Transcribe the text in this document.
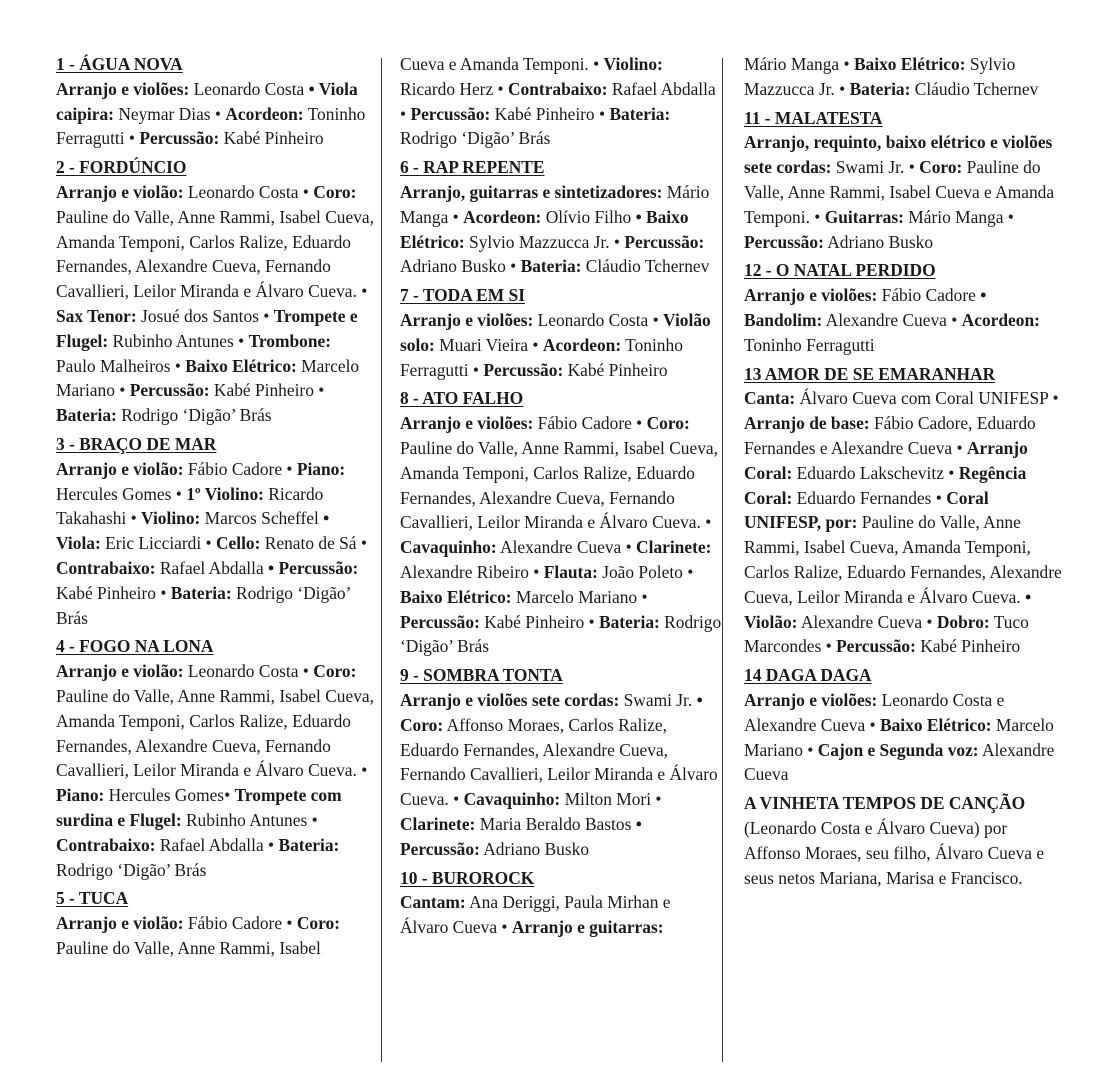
1 - ÁGUA NOVA

Arranjo e violões: Leonardo Costa • Viola caipira: Neymar Dias • Acordeon: Toninho Ferragutti • Percussão: Kabé Pinheiro

2 - FORDÚNCIO

Arranjo e violão: Leonardo Costa • Coro: Pauline do Valle, Anne Rammi, Isabel Cueva, Amanda Temponi, Carlos Ralize, Eduardo Fernandes, Alexandre Cueva, Fernando Cavallieri, Leilor Miranda e Álvaro Cueva. • Sax Tenor: Josué dos Santos • Trompete e Flugel: Rubinho Antunes • Trombone: Paulo Malheiros • Baixo Elétrico: Marcelo Mariano • Percussão: Kabé Pinheiro • Bateria: Rodrigo ‘Digão’ Brás

3 - BRAÇO DE MAR

Arranjo e violão: Fábio Cadore • Piano: Hercules Gomes • 1º Violino: Ricardo Takahashi • Violino: Marcos Scheffel • Viola: Eric Licciardi • Cello: Renato de Sá • Contrabaixo: Rafael Abdalla • Percussão: Kabé Pinheiro • Bateria: Rodrigo ‘Digão’ Brás

4 - FOGO NA LONA

Arranjo e violão: Leonardo Costa • Coro: Pauline do Valle, Anne Rammi, Isabel Cueva, Amanda Temponi, Carlos Ralize, Eduardo Fernandes, Alexandre Cueva, Fernando Cavallieri, Leilor Miranda e Álvaro Cueva. • Piano: Hercules Gomes• Trompete com surdina e Flugel: Rubinho Antunes • Contrabaixo: Rafael Abdalla • Bateria: Rodrigo ‘Digão’ Brás

5 - TUCA

Arranjo e violão: Fábio Cadore • Coro: Pauline do Valle, Anne Rammi, Isabel

Cueva e Amanda Temponi. • Violino: Ricardo Herz • Contrabaixo: Rafael Abdalla • Percussão: Kabé Pinheiro • Bateria: Rodrigo ‘Digão’ Brás

6 - RAP REPENTE

Arranjo, guitarras e sintetizadores: Mário Manga • Acordeon: Olívio Filho • Baixo Elétrico: Sylvio Mazzucca Jr. • Percussão: Adriano Busko • Bateria: Cláudio Tchernev

7 - TODA EM SI

Arranjo e violões: Leonardo Costa • Violão solo: Muari Vieira • Acordeon: Toninho Ferragutti • Percussão: Kabé Pinheiro

8 - ATO FALHO

Arranjo e violões: Fábio Cadore • Coro: Pauline do Valle, Anne Rammi, Isabel Cueva, Amanda Temponi, Carlos Ralize, Eduardo Fernandes, Alexandre Cueva, Fernando Cavallieri, Leilor Miranda e Álvaro Cueva. • Cavaquinho: Alexandre Cueva • Clarinete: Alexandre Ribeiro • Flauta: João Poleto • Baixo Elétrico: Marcelo Mariano • Percussão: Kabé Pinheiro • Bateria: Rodrigo ‘Digão’ Brás

9 - SOMBRA TONTA

Arranjo e violões sete cordas: Swami Jr. • Coro: Affonso Moraes, Carlos Ralize, Eduardo Fernandes, Alexandre Cueva, Fernando Cavallieri, Leilor Miranda e Álvaro Cueva. • Cavaquinho: Milton Mori • Clarinete: Maria Beraldo Bastos • Percussão: Adriano Busko

10 - BUROROCK

Cantam: Ana Deriggi, Paula Mirhan e Álvaro Cueva • Arranjo e guitarras:

Mário Manga • Baixo Elétrico: Sylvio Mazzucca Jr. • Bateria: Cláudio Tchernev

11 - MALATESTA

Arranjo, requinto, baixo elétrico e violões sete cordas: Swami Jr. • Coro: Pauline do Valle, Anne Rammi, Isabel Cueva e Amanda Temponi. • Guitarras: Mário Manga • Percussão: Adriano Busko

12 - O NATAL PERDIDO

Arranjo e violões: Fábio Cadore • Bandolim: Alexandre Cueva • Acordeon: Toninho Ferragutti

13 AMOR DE SE EMARANHAR

Canta: Álvaro Cueva com Coral UNIFESP • Arranjo de base: Fábio Cadore, Eduardo Fernandes e Alexandre Cueva • Arranjo Coral: Eduardo Lakschevitz • Regência Coral: Eduardo Fernandes • Coral UNIFESP, por: Pauline do Valle, Anne Rammi, Isabel Cueva, Amanda Temponi, Carlos Ralize, Eduardo Fernandes, Alexandre Cueva, Leilor Miranda e Álvaro Cueva. • Violão: Alexandre Cueva • Dobro: Tuco Marcondes • Percussão: Kabé Pinheiro

14 DAGA DAGA

Arranjo e violões: Leonardo Costa e Alexandre Cueva • Baixo Elétrico: Marcelo Mariano • Cajon e Segunda voz: Alexandre Cueva

A VINHETA TEMPOS DE CANÇÃO (Leonardo Costa e Álvaro Cueva) por Affonso Moraes, seu filho, Álvaro Cueva e seus netos Mariana, Marisa e Francisco.
